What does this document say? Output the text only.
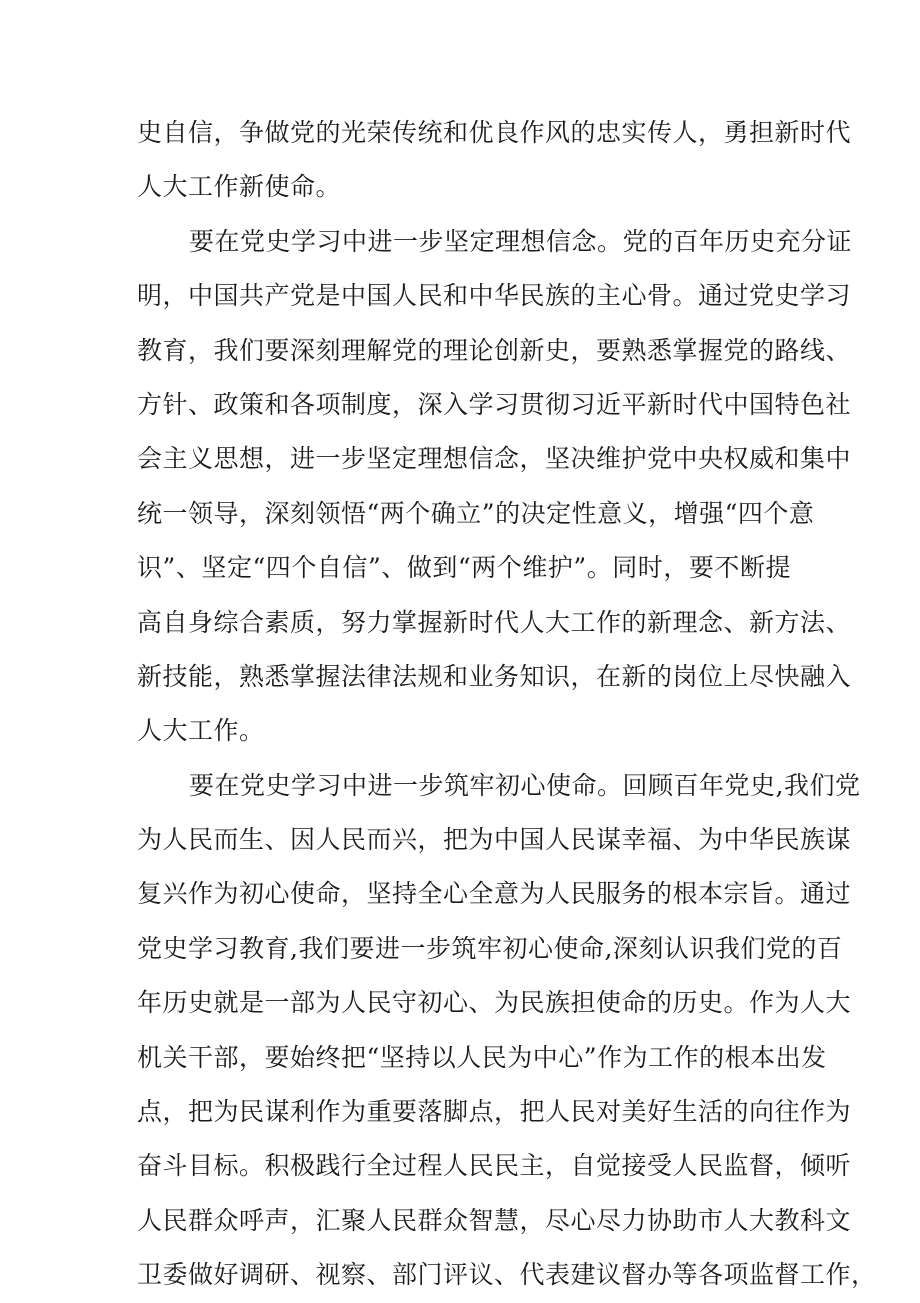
史自信，争做党的光荣传统和优良作风的忠实传人，勇担新时代
人大工作新使命。
要在党史学习中进一步坚定理想信念。党的百年历史充分证
明，中国共产党是中国人民和中华民族的主心骨。通过党史学习
教育，我们要深刻理解党的理论创新史，要熟悉掌握党的路线、
方针、政策和各项制度，深入学习贯彻习近平新时代中国特色社
会主义思想，进一步坚定理想信念，坚决维护党中央权威和集中
统一领导，深刻领悟“两个确立”的决定性意义，增强“四个意
识”、坚定“四个自信”、做到“两个维护”。同时，要不断提
高自身综合素质，努力掌握新时代人大工作的新理念、新方法、
新技能，熟悉掌握法律法规和业务知识，在新的岗位上尽快融入
人大工作。
要在党史学习中进一步筑牢初心使命。回顾百年党史,我们党
为人民而生、因人民而兴，把为中国人民谋幸福、为中华民族谋
复兴作为初心使命，坚持全心全意为人民服务的根本宗旨。通过
党史学习教育,我们要进一步筑牢初心使命,深刻认识我们党的百
年历史就是一部为人民守初心、为民族担使命的历史。作为人大
机关干部，要始终把“坚持以人民为中心”作为工作的根本出发
点，把为民谋利作为重要落脚点，把人民对美好生活的向往作为
奋斗目标。积极践行全过程人民民主，自觉接受人民监督，倾听
人民群众呼声，汇聚人民群众智慧，尽心尽力协助市人大教科文
卫委做好调研、视察、部门评议、代表建议督办等各项监督工作，
